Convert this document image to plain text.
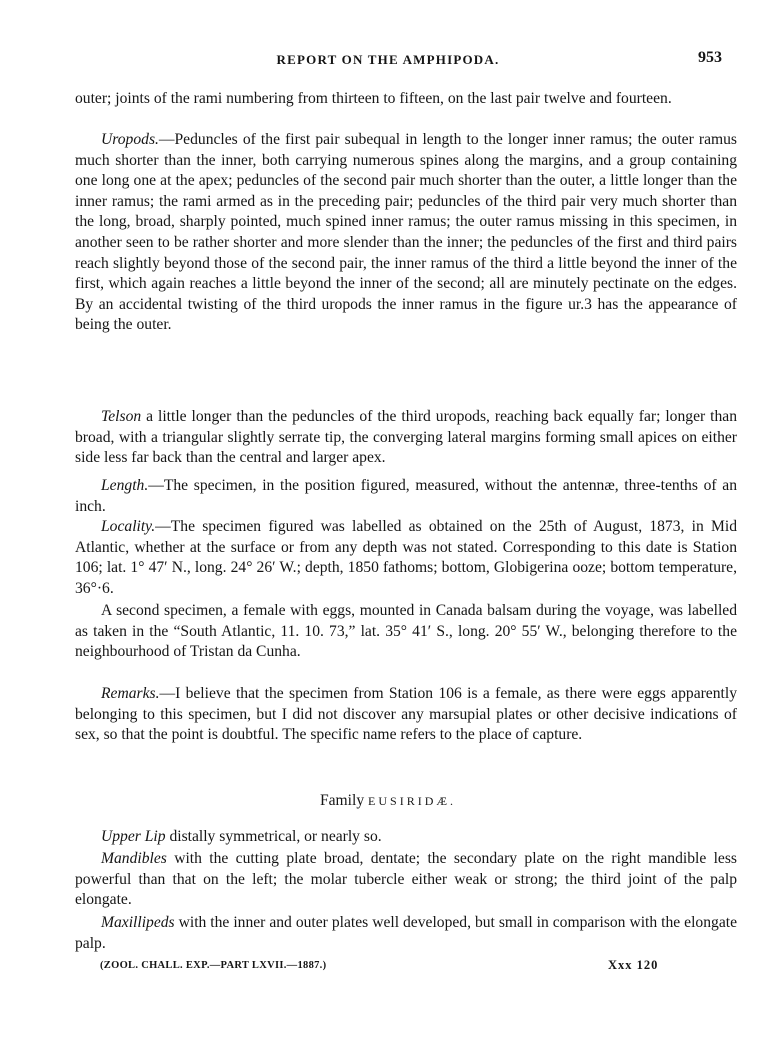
REPORT ON THE AMPHIPODA.	953

outer; joints of the rami numbering from thirteen to fifteen, on the last pair twelve and fourteen.

Uropods.—Peduncles of the first pair subequal in length to the longer inner ramus; the outer ramus much shorter than the inner, both carrying numerous spines along the margins, and a group containing one long one at the apex; peduncles of the second pair much shorter than the outer, a little longer than the inner ramus; the rami armed as in the preceding pair; peduncles of the third pair very much shorter than the long, broad, sharply pointed, much spined inner ramus; the outer ramus missing in this specimen, in another seen to be rather shorter and more slender than the inner; the peduncles of the first and third pairs reach slightly beyond those of the second pair, the inner ramus of the third a little beyond the inner of the first, which again reaches a little beyond the inner of the second; all are minutely pectinate on the edges. By an accidental twisting of the third uropods the inner ramus in the figure ur.3 has the appearance of being the outer.

Telson a little longer than the peduncles of the third uropods, reaching back equally far; longer than broad, with a triangular slightly serrate tip, the converging lateral margins forming small apices on either side less far back than the central and larger apex.

Length.—The specimen, in the position figured, measured, without the antennæ, three-tenths of an inch.

Locality.—The specimen figured was labelled as obtained on the 25th of August, 1873, in Mid Atlantic, whether at the surface or from any depth was not stated. Corresponding to this date is Station 106; lat. 1° 47′ N., long. 24° 26′ W.; depth, 1850 fathoms; bottom, Globigerina ooze; bottom temperature, 36°·6.

A second specimen, a female with eggs, mounted in Canada balsam during the voyage, was labelled as taken in the “South Atlantic, 11. 10. 73,” lat. 35° 41′ S., long. 20° 55′ W., belonging therefore to the neighbourhood of Tristan da Cunha.

Remarks.—I believe that the specimen from Station 106 is a female, as there were eggs apparently belonging to this specimen, but I did not discover any marsupial plates or other decisive indications of sex, so that the point is doubtful. The specific name refers to the place of capture.

Family EUSIRIDÆ.

Upper Lip distally symmetrical, or nearly so.

Mandibles with the cutting plate broad, dentate; the secondary plate on the right mandible less powerful than that on the left; the molar tubercle either weak or strong; the third joint of the palp elongate.

Maxillipeds with the inner and outer plates well developed, but small in comparison with the elongate palp.

(ZOOL. CHALL. EXP.—PART LXVII.—1887.)	Xxx 120
